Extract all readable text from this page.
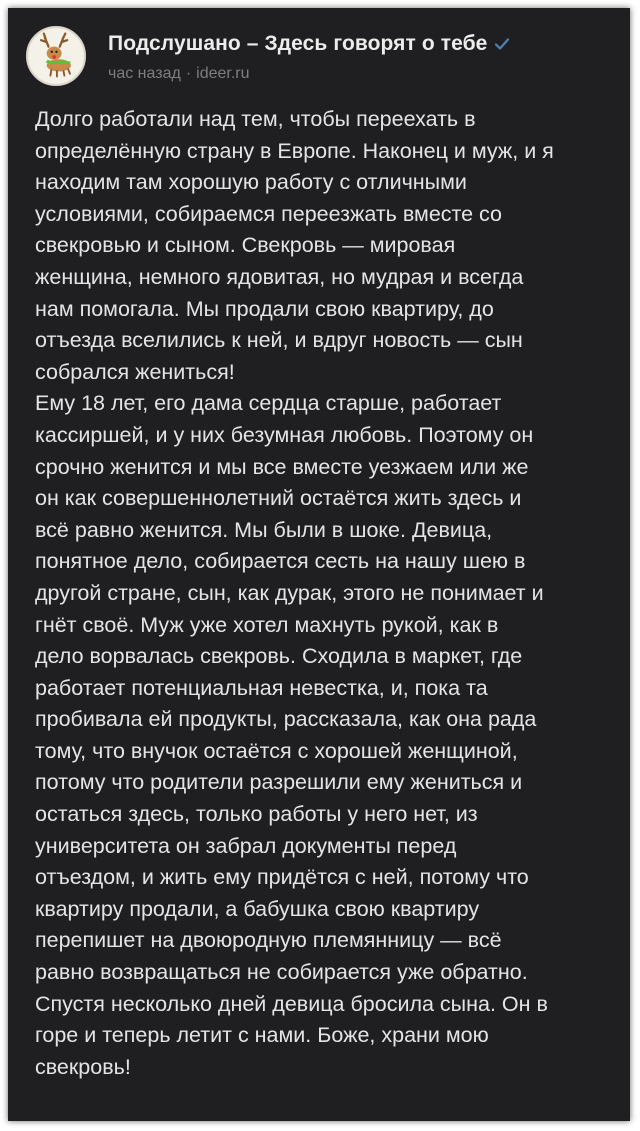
Подслушано – Здесь говорят о тебе
час назад · ideer.ru

Долго работали над тем, чтобы переехать в

определённую страну в Европе. Наконец и муж, и я

находим там хорошую работу с отличными

условиями, собираемся переезжать вместе со

свекровью и сыном. Свекровь — мировая

женщина, немного ядовитая, но мудрая и всегда

нам помогала. Мы продали свою квартиру, до

отъезда вселились к ней, и вдруг новость — сын

собрался жениться!

Ему 18 лет, его дама сердца старше, работает

кассиршей, и у них безумная любовь. Поэтому он

срочно женится и мы все вместе уезжаем или же

он как совершеннолетний остаётся жить здесь и

всё равно женится. Мы были в шоке. Девица,

понятное дело, собирается сесть на нашу шею в

другой стране, сын, как дурак, этого не понимает и

гнёт своё. Муж уже хотел махнуть рукой, как в

дело ворвалась свекровь. Сходила в маркет, где

работает потенциальная невестка, и, пока та

пробивала ей продукты, рассказала, как она рада

тому, что внучок остаётся с хорошей женщиной,

потому что родители разрешили ему жениться и

остаться здесь, только работы у него нет, из

университета он забрал документы перед

отъездом, и жить ему придётся с ней, потому что

квартиру продали, а бабушка свою квартиру

перепишет на двоюродную племянницу — всё

равно возвращаться не собирается уже обратно.

Спустя несколько дней девица бросила сына. Он в

горе и теперь летит с нами. Боже, храни мою

свекровь!
